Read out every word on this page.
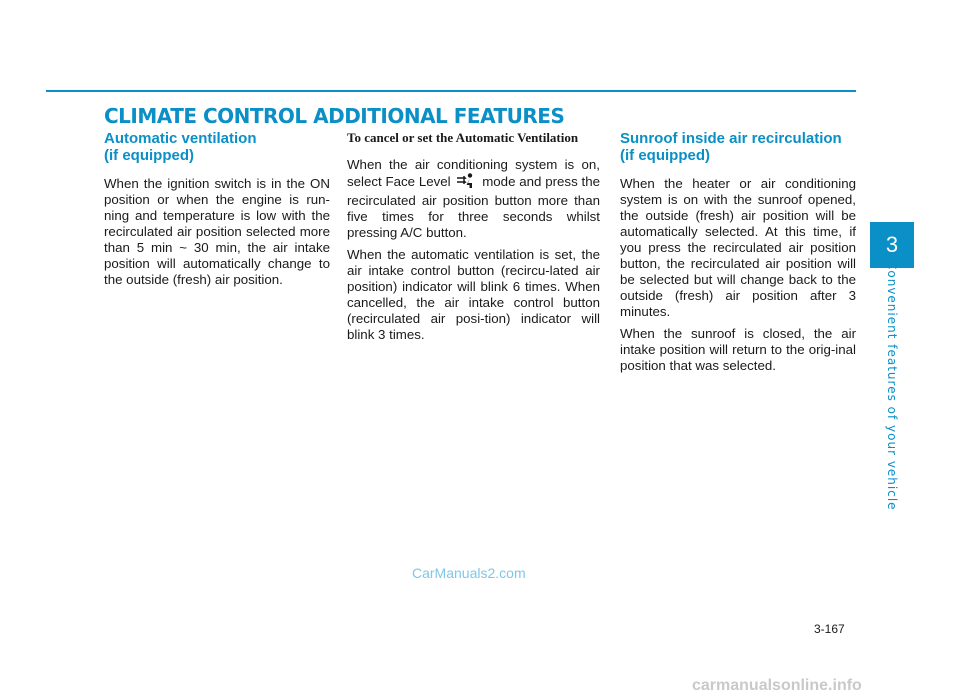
CLIMATE CONTROL ADDITIONAL FEATURES
Automatic ventilation
(if equipped)

When the ignition switch is in the ON position or when the engine is run-ning and temperature is low with the recirculated air position selected more than 5 min ~ 30 min, the air intake position will automatically change to the outside (fresh) air position.

To cancel or set the Automatic Ventilation

When the air conditioning system is on, select Face Level mode and press the recirculated air position button more than five times for three seconds whilst pressing A/C button.

When the automatic ventilation is set, the air intake control button (recircu-lated air position) indicator will blink 6 times. When cancelled, the air intake control button (recirculated air posi-tion) indicator will blink 3 times.

Sunroof inside air recirculation
(if equipped)

When the heater or air conditioning system is on with the sunroof opened, the outside (fresh) air position will be automatically selected. At this time, if you press the recirculated air position button, the recirculated air position will be selected but will change back to the outside (fresh) air position after 3 minutes.

When the sunroof is closed, the air intake position will return to the orig-inal position that was selected.

3
Convenient features of your vehicle
CarManuals2.com
3-167
carmanualsonline.info
